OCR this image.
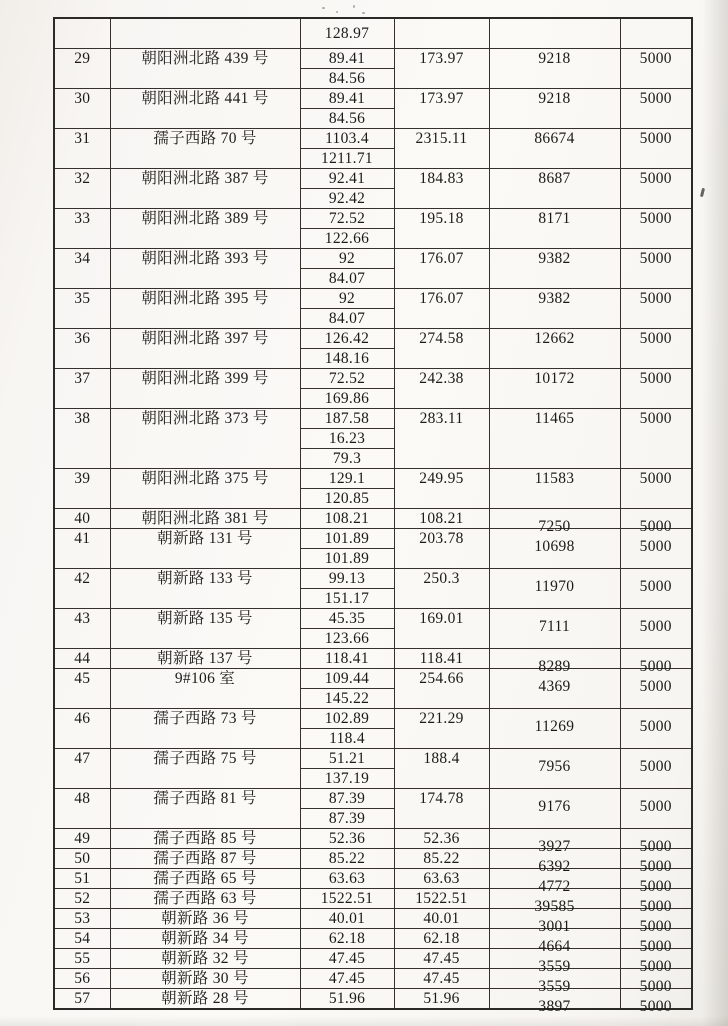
		128.97			
29	朝阳洲北路 439 号	89.41	173.97	9218	5000
		84.56			
30	朝阳洲北路 441 号	89.41	173.97	9218	5000
		84.56			
31	孺子西路 70 号	1103.4	2315.11	86674	5000
		1211.71			
32	朝阳洲北路 387 号	92.41	184.83	8687	5000
		92.42			
33	朝阳洲北路 389 号	72.52	195.18	8171	5000
		122.66			
34	朝阳洲北路 393 号	92	176.07	9382	5000
		84.07			
35	朝阳洲北路 395 号	92	176.07	9382	5000
		84.07			
36	朝阳洲北路 397 号	126.42	274.58	12662	5000
		148.16			
37	朝阳洲北路 399 号	72.52	242.38	10172	5000
		169.86			
38	朝阳洲北路 373 号	187.58	283.11	11465	5000
		16.23			
		79.3			
39	朝阳洲北路 375 号	129.1	249.95	11583	5000
		120.85			
40	朝阳洲北路 381 号	108.21	108.21	7250	5000
41	朝新路 131 号	101.89	203.78	10698	5000
		101.89			
42	朝新路 133 号	99.13	250.3	11970	5000
		151.17			
43	朝新路 135 号	45.35	169.01	7111	5000
		123.66			
44	朝新路 137 号	118.41	118.41	8289	5000
45	9#106 室	109.44	254.66	4369	5000
		145.22			
46	孺子西路 73 号	102.89	221.29	11269	5000
		118.4			
47	孺子西路 75 号	51.21	188.4	7956	5000
		137.19			
48	孺子西路 81 号	87.39	174.78	9176	5000
		87.39			
49	孺子西路 85 号	52.36	52.36	3927	5000
50	孺子西路 87 号	85.22	85.22	6392	5000
51	孺子西路 65 号	63.63	63.63	4772	5000
52	孺子西路 63 号	1522.51	1522.51	39585	5000
53	朝新路 36 号	40.01	40.01	3001	5000
54	朝新路 34 号	62.18	62.18	4664	5000
55	朝新路 32 号	47.45	47.45	3559	5000
56	朝新路 30 号	47.45	47.45	3559	5000
57	朝新路 28 号	51.96	51.96	3897	5000
